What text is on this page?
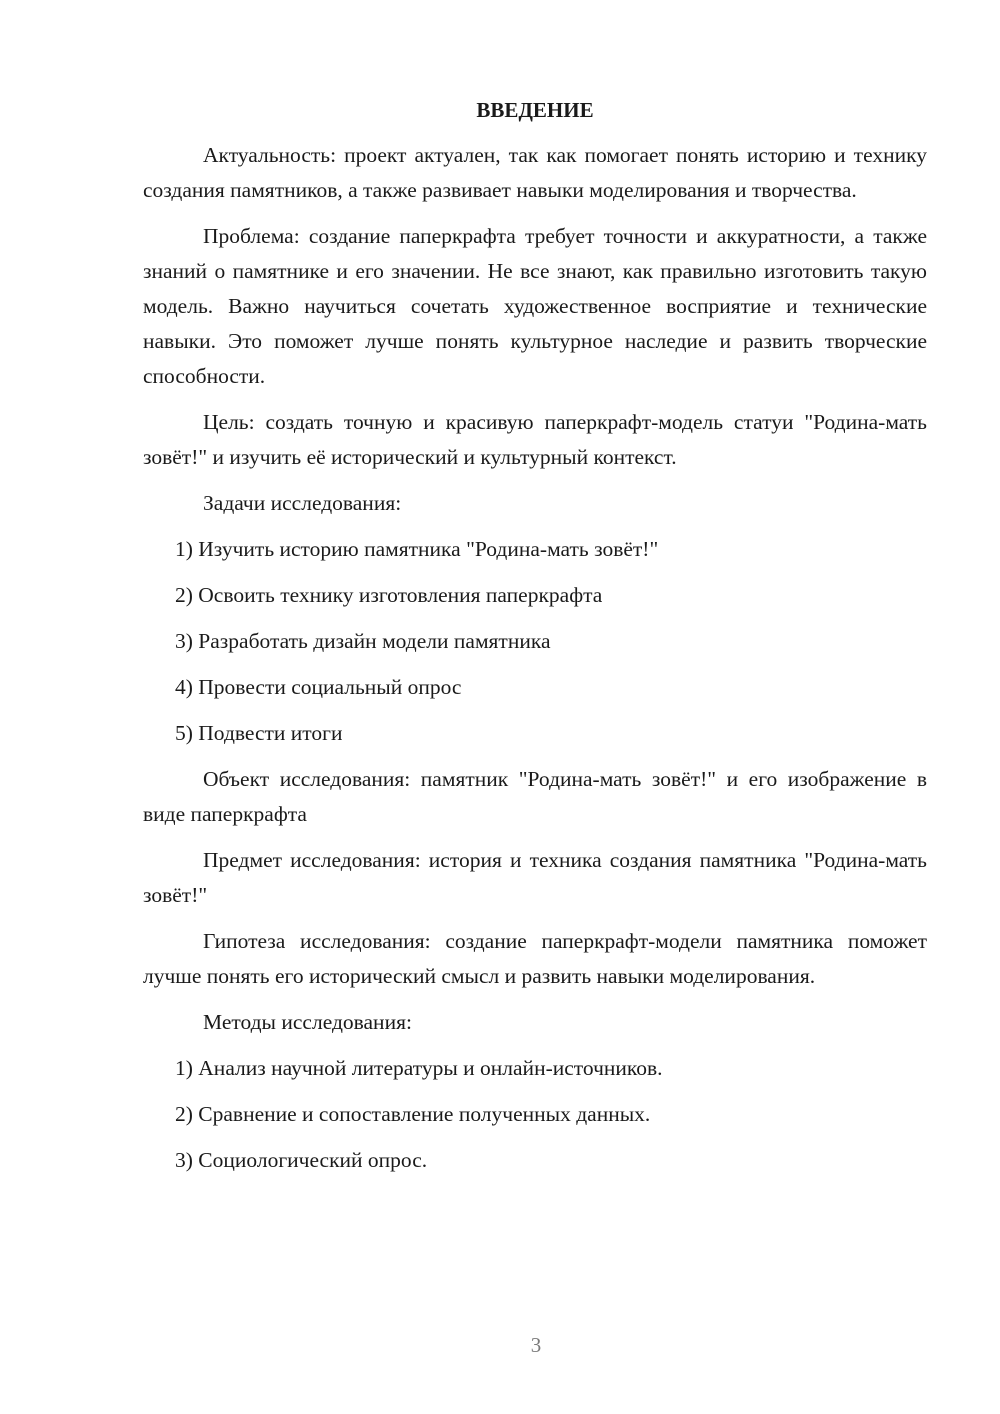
ВВЕДЕНИЕ

Актуальность: проект актуален, так как помогает понять историю и технику создания памятников, а также развивает навыки моделирования и творчества.

Проблема: создание паперкрафта требует точности и аккуратности, а также знаний о памятнике и его значении. Не все знают, как правильно изготовить такую модель. Важно научиться сочетать художественное восприятие и технические навыки. Это поможет лучше понять культурное наследие и развить творческие способности.

Цель: создать точную и красивую паперкрафт-модель статуи "Родина-мать зовёт!" и изучить её исторический и культурный контекст.

Задачи исследования:

1) Изучить историю памятника "Родина-мать зовёт!"
2) Освоить технику изготовления паперкрафта
3) Разработать дизайн модели памятника
4) Провести социальный опрос
5) Подвести итоги

Объект исследования: памятник "Родина-мать зовёт!" и его изображение в виде паперкрафта

Предмет исследования: история и техника создания памятника "Родина-мать зовёт!"

Гипотеза исследования: создание паперкрафт-модели памятника поможет лучше понять его исторический смысл и развить навыки моделирования.

Методы исследования:

1) Анализ научной литературы и онлайн-источников.
2) Сравнение и сопоставление полученных данных.
3) Социологический опрос.
3
